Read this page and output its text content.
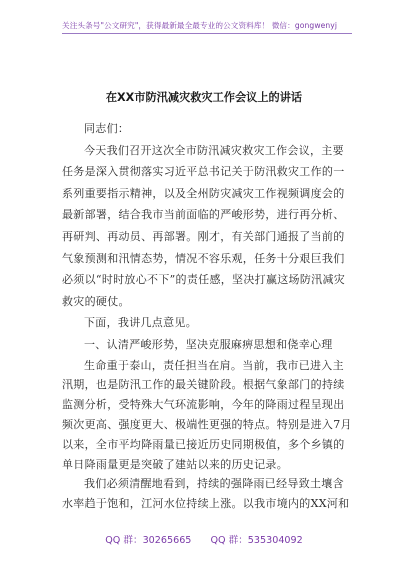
关注头条号"公文研究"，获得最新最全最专业的公文资料库！ 微信：gongwenyj
在XX市防汛减灾救灾工作会议上的讲话

同志们：

今天我们召开这次全市防汛减灾救灾工作会议，主要任务是深入贯彻落实习近平总书记关于防汛救灾工作的一系列重要指示精神，以及全州防灾减灾工作视频调度会的最新部署，结合我市当前面临的严峻形势，进行再分析、再研判、再动员、再部署。刚才，有关部门通报了当前的气象预测和汛情态势，情况不容乐观，任务十分艰巨我们必须以“时时放心不下”的责任感，坚决打赢这场防汛减灾救灾的硬仗。

下面，我讲几点意见。

一、认清严峻形势，坚决克服麻痹思想和侥幸心理

生命重于泰山，责任担当在肩。当前，我市已进入主汛期，也是防汛工作的最关键阶段。根据气象部门的持续监测分析，受特殊大气环流影响，今年的降雨过程呈现出频次更高、强度更大、极端性更强的特点。特别是进入7月以来，全市平均降雨量已接近历史同期极值，多个乡镇的单日降雨量更是突破了建站以来的历史记录。

我们必须清醒地看到，持续的强降雨已经导致土壤含水率趋于饱和，江河水位持续上涨。以我市境内的XX河和

QQ 群：30265665 QQ 群：535304092
